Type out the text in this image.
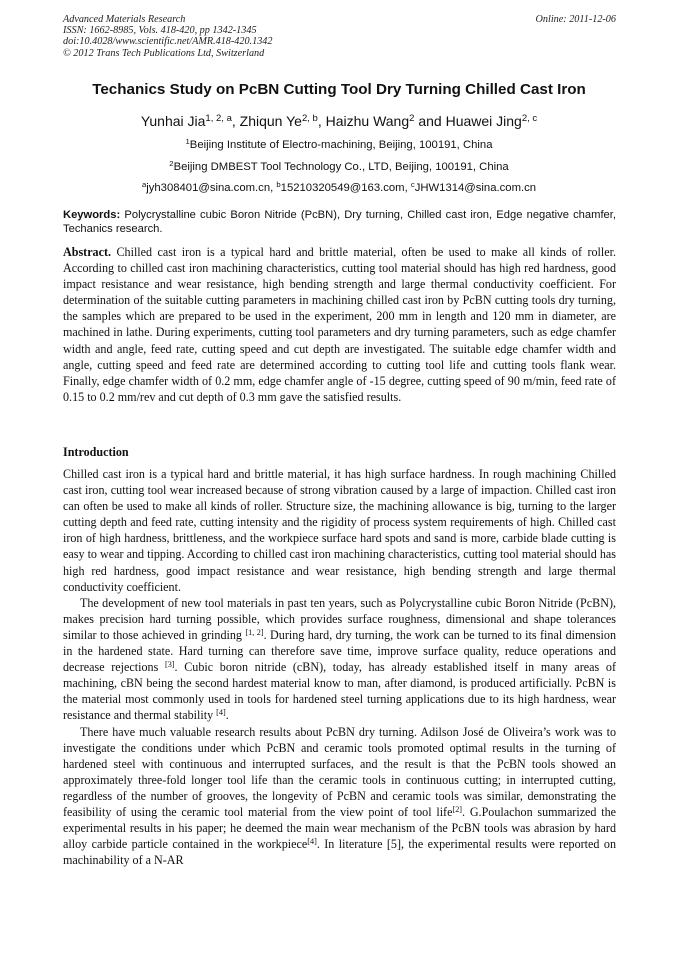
Advanced Materials Research
ISSN: 1662-8985, Vols. 418-420, pp 1342-1345
doi:10.4028/www.scientific.net/AMR.418-420.1342
© 2012 Trans Tech Publications Ltd, Switzerland
Online: 2011-12-06
Techanics Study on PcBN Cutting Tool Dry Turning Chilled Cast Iron
Yunhai Jia$^{1, 2, a}$, Zhiqun Ye$^{2, b}$, Haizhu Wang$^2$ and Huawei Jing$^{2, c}$
$^1$Beijing Institute of Electro-machining, Beijing, 100191, China
$^2$Beijing DMBEST Tool Technology Co., LTD, Beijing, 100191, China
$^a$jyh308401@sina.com.cn, $^b$15210320549@163.com, $^c$JHW1314@sina.com.cn
Keywords: Polycrystalline cubic Boron Nitride (PcBN), Dry turning, Chilled cast iron, Edge negative chamfer, Techanics research.
Abstract. Chilled cast iron is a typical hard and brittle material, often be used to make all kinds of roller. According to chilled cast iron machining characteristics, cutting tool material should has high red hardness, good impact resistance and wear resistance, high bending strength and large thermal conductivity coefficient. For determination of the suitable cutting parameters in machining chilled cast iron by PcBN cutting tools dry turning, the samples which are prepared to be used in the experiment, 200 mm in length and 120 mm in diameter, are machined in lathe. During experiments, cutting tool parameters and dry turning parameters, such as edge chamfer width and angle, feed rate, cutting speed and cut depth are investigated. The suitable edge chamfer width and angle, cutting speed and feed rate are determined according to cutting tool life and cutting tools flank wear. Finally, edge chamfer width of 0.2 mm, edge chamfer angle of -15 degree, cutting speed of 90 m/min, feed rate of 0.15 to 0.2 mm/rev and cut depth of 0.3 mm gave the satisfied results.
Introduction

Chilled cast iron is a typical hard and brittle material, it has high surface hardness. In rough machining Chilled cast iron, cutting tool wear increased because of strong vibration caused by a large of impaction. Chilled cast iron can often be used to make all kinds of roller. Structure size, the machining allowance is big, turning to the larger cutting depth and feed rate, cutting intensity and the rigidity of process system requirements of high. Chilled cast iron of high hardness, brittleness, and the workpiece surface hard spots and sand is more, carbide blade cutting is easy to wear and tipping. According to chilled cast iron machining characteristics, cutting tool material should has high red hardness, good impact resistance and wear resistance, high bending strength and large thermal conductivity coefficient.

The development of new tool materials in past ten years, such as Polycrystalline cubic Boron Nitride (PcBN), makes precision hard turning possible, which provides surface roughness, dimensional and shape tolerances similar to those achieved in grinding [1, 2]. During hard, dry turning, the work can be turned to its final dimension in the hardened state. Hard turning can therefore save time, improve surface quality, reduce operations and decrease rejections [3]. Cubic boron nitride (cBN), today, has already established itself in many areas of machining, cBN being the second hardest material know to man, after diamond, is produced artificially. PcBN is the material most commonly used in tools for hardened steel turning applications due to its high hardness, wear resistance and thermal stability [4].

There have much valuable research results about PcBN dry turning. Adilson José de Oliveira’s work was to investigate the conditions under which PcBN and ceramic tools promoted optimal results in the turning of hardened steel with continuous and interrupted surfaces, and the result is that the PcBN tools showed an approximately three-fold longer tool life than the ceramic tools in continuous cutting; in interrupted cutting, regardless of the number of grooves, the longevity of PcBN and ceramic tools was similar, demonstrating the feasibility of using the ceramic tool material from the view point of tool life[2]. G.Poulachon summarized the experimental results in his paper; he deemed the main wear mechanism of the PcBN tools was abrasion by hard alloy carbide particle contained in the workpiece[4]. In literature [5], the experimental results were reported on machinability of a N-AR
